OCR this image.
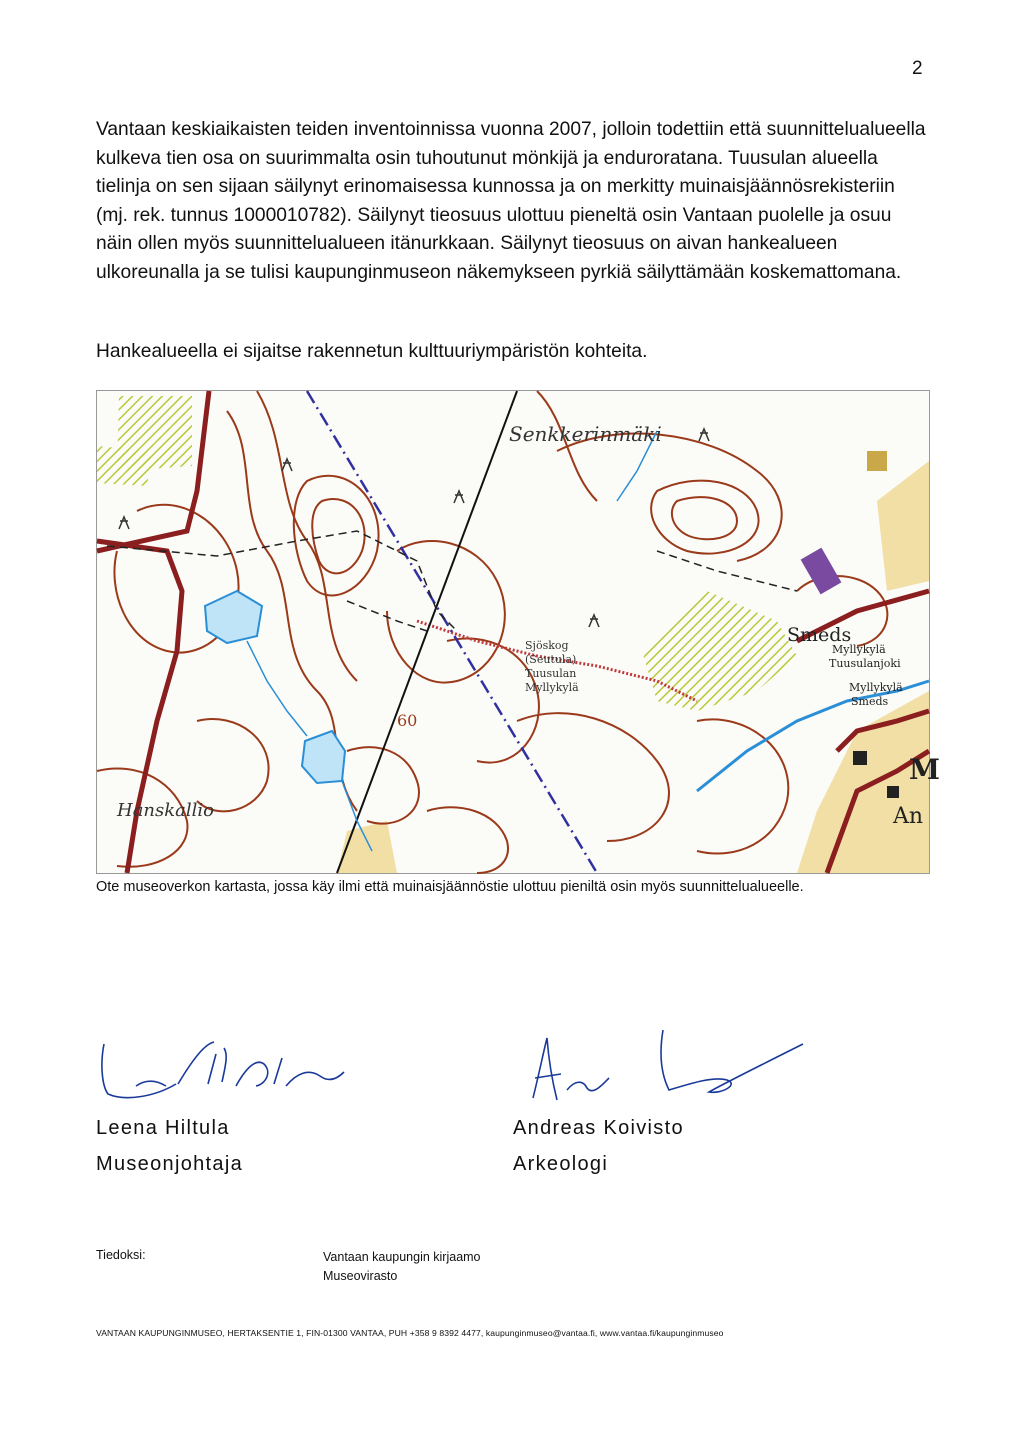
2

Vantaan keskiaikaisten teiden inventoinnissa vuonna 2007, jolloin todettiin että suunnittelualueella kulkeva tien osa on suurimmalta osin tuhoutunut mönkijä ja enduroratana. Tuusulan alueella tielinja on sen sijaan säilynyt erinomaisessa kunnossa ja on merkitty muinaisjäännösrekisteriin (mj. rek. tunnus 1000010782). Säilynyt tieosuus ulottuu pieneltä osin Vantaan puolelle ja osuu näin ollen myös suunnittelualueen itänurkkaan. Säilynyt tieosuus on aivan hankealueen ulkoreunalla ja se tulisi kaupunginmuseon näkemykseen pyrkiä säilyttämään koskemattomana.

Hankealueella ei sijaitse rakennetun kulttuuriympäristön kohteita.

Senkkerinmäki
Sjöskog
(Seutula)
Tuusulan
Myllykylä
Smeds
Myllykylä
Tuusulanjoki
Myllykylä
Smeds
Hanskallio
60
An
M

Ote museoverkon kartasta, jossa käy ilmi että muinaisjäännöstie ulottuu pieniltä osin myös suunnittelualueelle.

Leena Hiltula
Museonjohtaja
Andreas Koivisto
Arkeologi
Tiedoksi:	Vantaan kaupungin kirjaamo
Museovirasto
VANTAAN KAUPUNGINMUSEO, HERTAKSENTIE 1, FIN-01300 VANTAA, PUH +358 9 8392 4477, kaupunginmuseo@vantaa.fi, www.vantaa.fi/kaupunginmuseo
